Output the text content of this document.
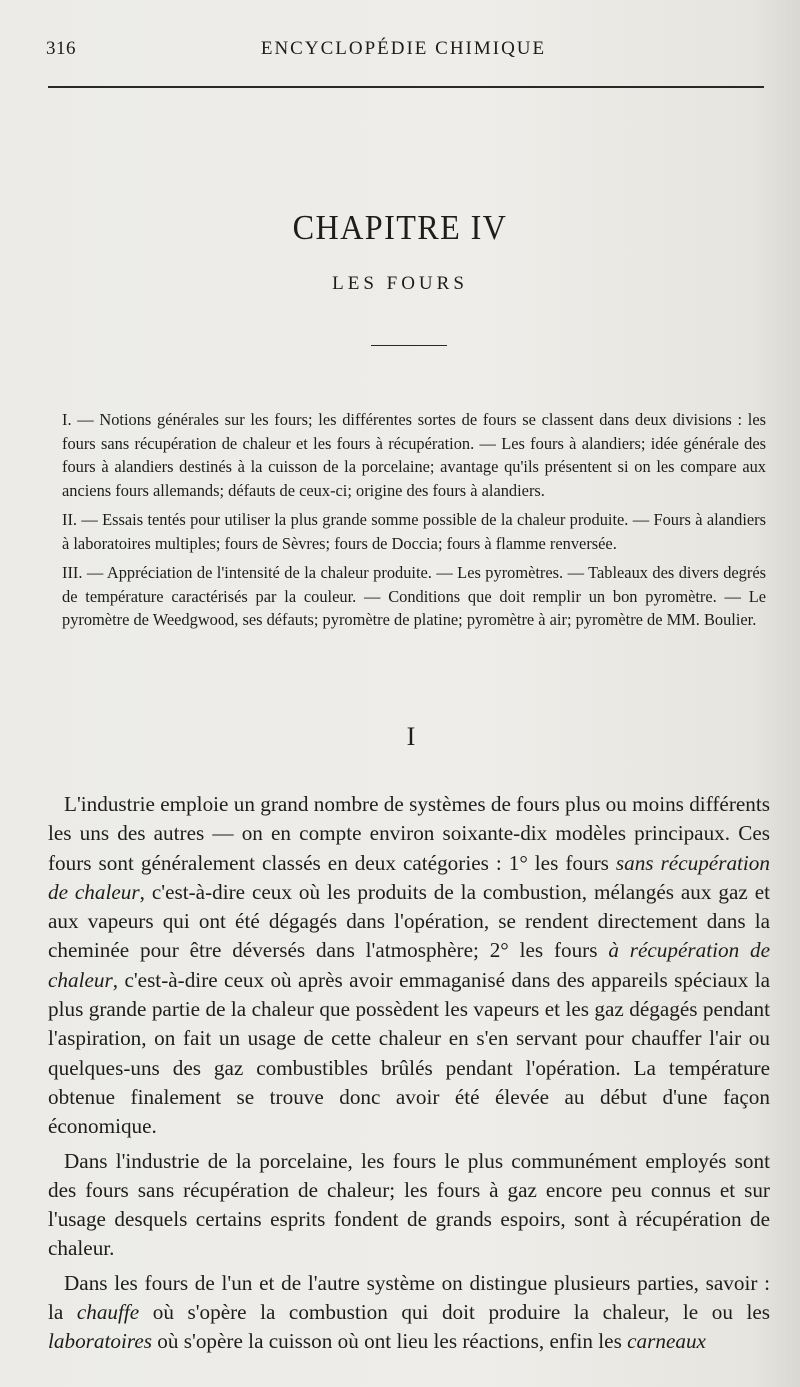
316	ENCYCLOPÉDIE CHIMIQUE
CHAPITRE IV
LES FOURS

I. — Notions générales sur les fours; les différentes sortes de fours se classent dans deux divisions : les fours sans récupération de chaleur et les fours à récupération. — Les fours à alandiers; idée générale des fours à alandiers destinés à la cuisson de la porcelaine; avantage qu'ils présentent si on les compare aux anciens fours allemands; défauts de ceux-ci; origine des fours à alandiers.

II. — Essais tentés pour utiliser la plus grande somme possible de la chaleur produite. — Fours à alandiers à laboratoires multiples; fours de Sèvres; fours de Doccia; fours à flamme renversée.

III. — Appréciation de l'intensité de la chaleur produite. — Les pyromètres. — Tableaux des divers degrés de température caractérisés par la couleur. — Conditions que doit remplir un bon pyromètre. — Le pyromètre de Weedgwood, ses défauts; pyromètre de platine; pyromètre à air; pyromètre de MM. Boulier.

I

L'industrie emploie un grand nombre de systèmes de fours plus ou moins différents les uns des autres — on en compte environ soixante-dix modèles principaux. Ces fours sont généralement classés en deux catégories : 1° les fours sans récupération de chaleur, c'est-à-dire ceux où les produits de la combustion, mélangés aux gaz et aux vapeurs qui ont été dégagés dans l'opération, se rendent directement dans la cheminée pour être déversés dans l'atmosphère; 2° les fours à récupération de chaleur, c'est-à-dire ceux où après avoir emmaganisé dans des appareils spéciaux la plus grande partie de la chaleur que possèdent les vapeurs et les gaz dégagés pendant l'aspiration, on fait un usage de cette chaleur en s'en servant pour chauffer l'air ou quelques-uns des gaz combustibles brûlés pendant l'opération. La température obtenue finalement se trouve donc avoir été élevée au début d'une façon économique.

Dans l'industrie de la porcelaine, les fours le plus communément employés sont des fours sans récupération de chaleur; les fours à gaz encore peu connus et sur l'usage desquels certains esprits fondent de grands espoirs, sont à récupération de chaleur.

Dans les fours de l'un et de l'autre système on distingue plusieurs parties, savoir : la chauffe où s'opère la combustion qui doit produire la chaleur, le ou les laboratoires où s'opère la cuisson où ont lieu les réactions, enfin les carneaux
